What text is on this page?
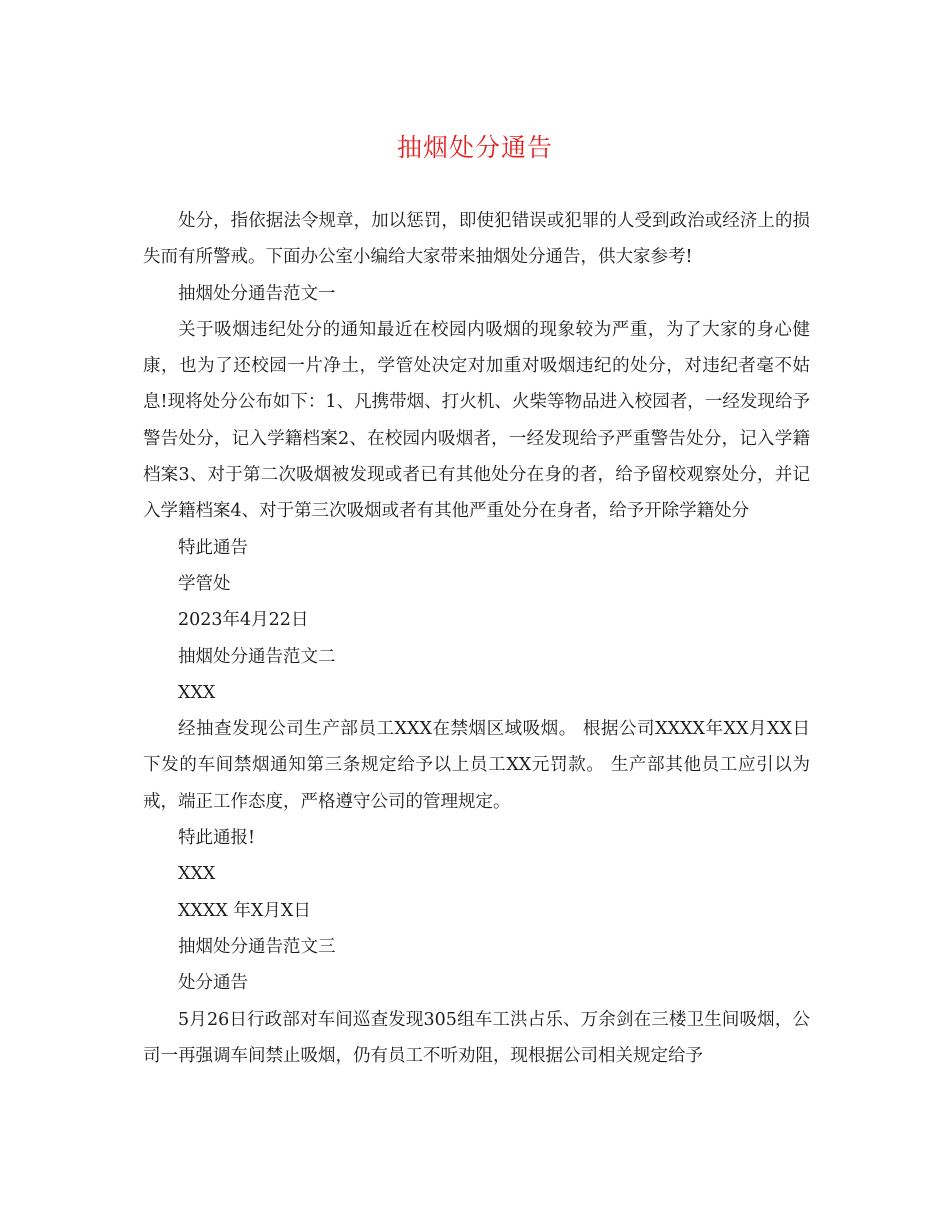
抽烟处分通告

处分，指依据法令规章，加以惩罚，即使犯错误或犯罪的人受到政治或经济上的损失而有所警戒。下面办公室小编给大家带来抽烟处分通告，供大家参考!

抽烟处分通告范文一

关于吸烟违纪处分的通知最近在校园内吸烟的现象较为严重，为了大家的身心健康，也为了还校园一片净土，学管处决定对加重对吸烟违纪的处分，对违纪者毫不姑息!现将处分公布如下：1、凡携带烟、打火机、火柴等物品进入校园者，一经发现给予警告处分，记入学籍档案2、在校园内吸烟者，一经发现给予严重警告处分，记入学籍档案3、对于第二次吸烟被发现或者已有其他处分在身的者，给予留校观察处分，并记入学籍档案4、对于第三次吸烟或者有其他严重处分在身者，给予开除学籍处分

特此通告

学管处

2023年4月22日

抽烟处分通告范文二

XXX

经抽查发现公司生产部员工XXX在禁烟区域吸烟。 根据公司XXXX年XX月XX日下发的车间禁烟通知第三条规定给予以上员工XX元罚款。 生产部其他员工应引以为戒，端正工作态度，严格遵守公司的管理规定。

特此通报!

XXX

XXXX 年X月X日

抽烟处分通告范文三

处分通告

5月26日行政部对车间巡查发现305组车工洪占乐、万余剑在三楼卫生间吸烟，公司一再强调车间禁止吸烟，仍有员工不听劝阻，现根据公司相关规定给予
